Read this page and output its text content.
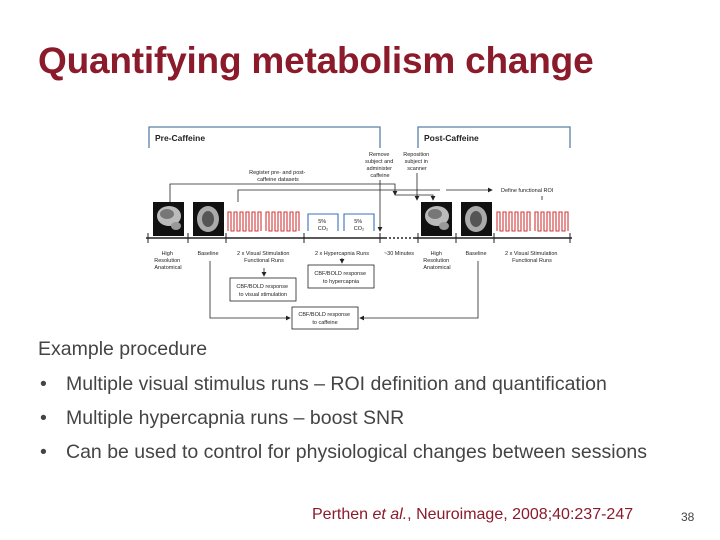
Quantifying metabolism change
Pre-Caffeine	Post-Caffeine
Remove subject and administer caffeine
Reposition subject in scanner
Register pre- and post- caffeine datasets
Define functional ROI
5% CO₂
5% CO₂
High Resolution Anatomical
Baseline	2 x Visual Stimulation Functional Runs
2 x Hypercapnia Runs	~30 Minutes	High Resolution Anatomical
Baseline	2 x Visual Stimulation Functional Runs
CBF/BOLD response to visual stimulation
CBF/BOLD response to hypercapnia
CBF/BOLD response to caffeine

Example procedure

• Multiple visual stimulus runs – ROI definition and quantification
• Multiple hypercapnia runs – boost SNR
• Can be used to control for physiological changes between sessions
Perthen et al., Neuroimage, 2008;40:237-247	38
